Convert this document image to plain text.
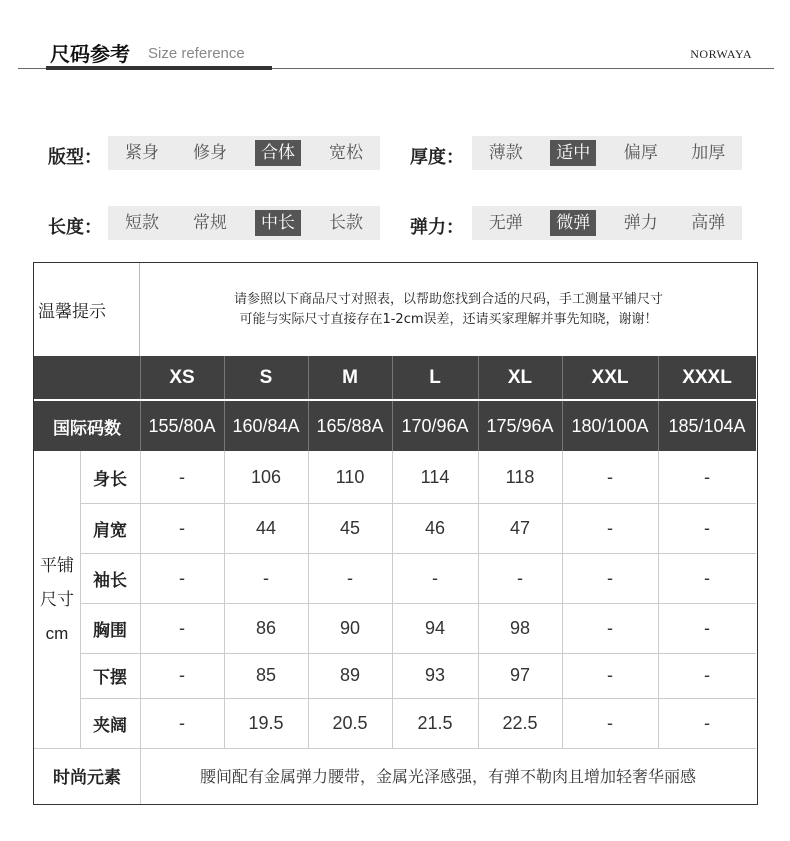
尺码参考 Size reference	NORWAYA
版型：	紧身	修身	合体	宽松	厚度：	薄款	适中	偏厚	加厚
长度：	短款	常规	中长	长款	弹力：	无弹	微弹	弹力	高弹
温馨提示
请参照以下商品尺寸对照表，以帮助您找到合适的尺码，手工测量平铺尺寸
可能与实际尺寸直接存在1-2cm误差，还请买家理解并事先知晓，谢谢！
XS	S	M	L	XL	XXL	XXXL
国际码数	155/80A 160/84A 165/88A 170/96A 175/96A 180/100A	185/104A
平铺
尺寸
cm
身长	-	106	110	114	118	-	-
肩宽	-	44	45	46	47	-	-
袖长	-	-	-	-	-	-	-
胸围	-	86	90	94	98	-	-
下摆	-	85	89	93	97	-	-
夹阔	-	19.5	20.5	21.5	22.5	-	-
时尚元素	腰间配有金属弹力腰带，金属光泽感强，有弹不勒肉且增加轻奢华丽感
